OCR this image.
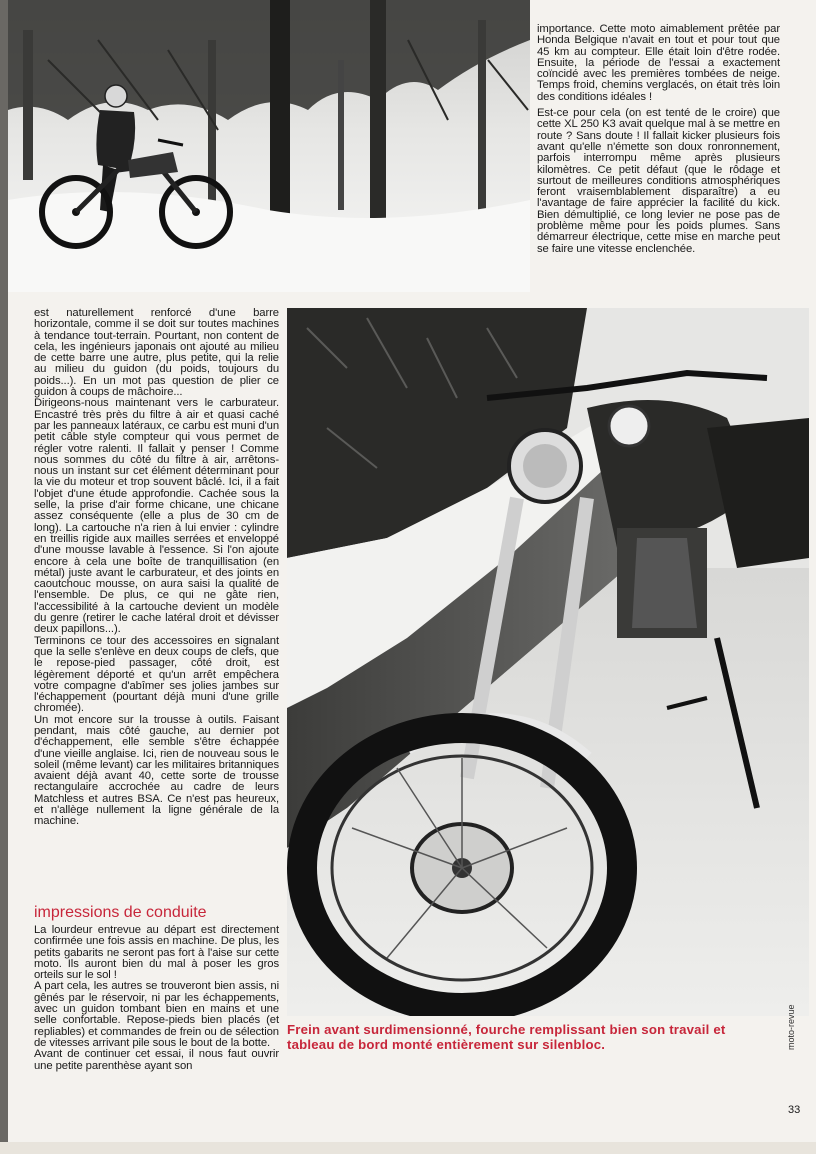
importance. Cette moto aimablement prêtée par Honda Belgique n'avait en tout et pour tout que 45 km au compteur. Elle était loin d'être rodée. Ensuite, la période de l'essai a exactement coïncidé avec les premières tombées de neige. Temps froid, chemins verglacés, on était très loin des conditions idéales !

Est-ce pour cela (on est tenté de le croire) que cette XL 250 K3 avait quelque mal à se mettre en route ? Sans doute ! Il fallait kicker plusieurs fois avant qu'elle n'émette son doux ronronnement, parfois interrompu même après plusieurs kilomètres. Ce petit défaut (que le rôdage et surtout de meilleures conditions atmosphériques feront vraisemblablement disparaître) a eu l'avantage de faire apprécier la facilité du kick. Bien démultiplié, ce long levier ne pose pas de problème même pour les poids plumes. Sans démarreur électrique, cette mise en marche peut se faire une vitesse enclenchée.

est naturellement renforcé d'une barre horizontale, comme il se doit sur toutes machines à tendance tout-terrain. Pourtant, non content de cela, les ingénieurs japonais ont ajouté au milieu de cette barre une autre, plus petite, qui la relie au milieu du guidon (du poids, toujours du poids...). En un mot pas question de plier ce guidon à coups de mâchoire...

Dirigeons-nous maintenant vers le carburateur. Encastré très près du filtre à air et quasi caché par les panneaux latéraux, ce carbu est muni d'un petit câble style compteur qui vous permet de régler votre ralenti. Il fallait y penser ! Comme nous sommes du côté du filtre à air, arrêtons-nous un instant sur cet élément déterminant pour la vie du moteur et trop souvent bâclé. Ici, il a fait l'objet d'une étude approfondie. Cachée sous la selle, la prise d'air forme chicane, une chicane assez conséquente (elle a plus de 30 cm de long). La cartouche n'a rien à lui envier : cylindre en treillis rigide aux mailles serrées et enveloppé d'une mousse lavable à l'essence. Si l'on ajoute encore à cela une boîte de tranquillisation (en métal) juste avant le carburateur, et des joints en caoutchouc mousse, on aura saisi la qualité de l'ensemble. De plus, ce qui ne gâte rien, l'accessibilité à la cartouche devient un modèle du genre (retirer le cache latéral droit et dévisser deux papillons...).

Terminons ce tour des accessoires en signalant que la selle s'enlève en deux coups de clefs, que le repose-pied passager, côté droit, est légèrement déporté et qu'un arrêt empêchera votre compagne d'abîmer ses jolies jambes sur l'échappement (pourtant déjà muni d'une grille chromée).

Un mot encore sur la trousse à outils. Faisant pendant, mais côté gauche, au dernier pot d'échappement, elle semble s'être échappée d'une vieille anglaise. Ici, rien de nouveau sous le soleil (même levant) car les militaires britanniques avaient déjà avant 40, cette sorte de trousse rectangulaire accrochée au cadre de leurs Matchless et autres BSA. Ce n'est pas heureux, et n'allège nullement la ligne générale de la machine.

impressions de conduite

La lourdeur entrevue au départ est directement confirmée une fois assis en machine. De plus, les petits gabarits ne seront pas fort à l'aise sur cette moto. Ils auront bien du mal à poser les gros orteils sur le sol !

A part cela, les autres se trouveront bien assis, ni gênés par le réservoir, ni par les échappements, avec un guidon tombant bien en mains et une selle confortable. Repose-pieds bien placés (et repliables) et commandes de frein ou de sélection de vitesses arrivant pile sous le bout de la botte.

Avant de continuer cet essai, il nous faut ouvrir une petite parenthèse ayant son

Frein avant surdimensionné, fourche remplissant bien son travail et tableau de bord monté entièrement sur silenbloc.	moto-revue
33
